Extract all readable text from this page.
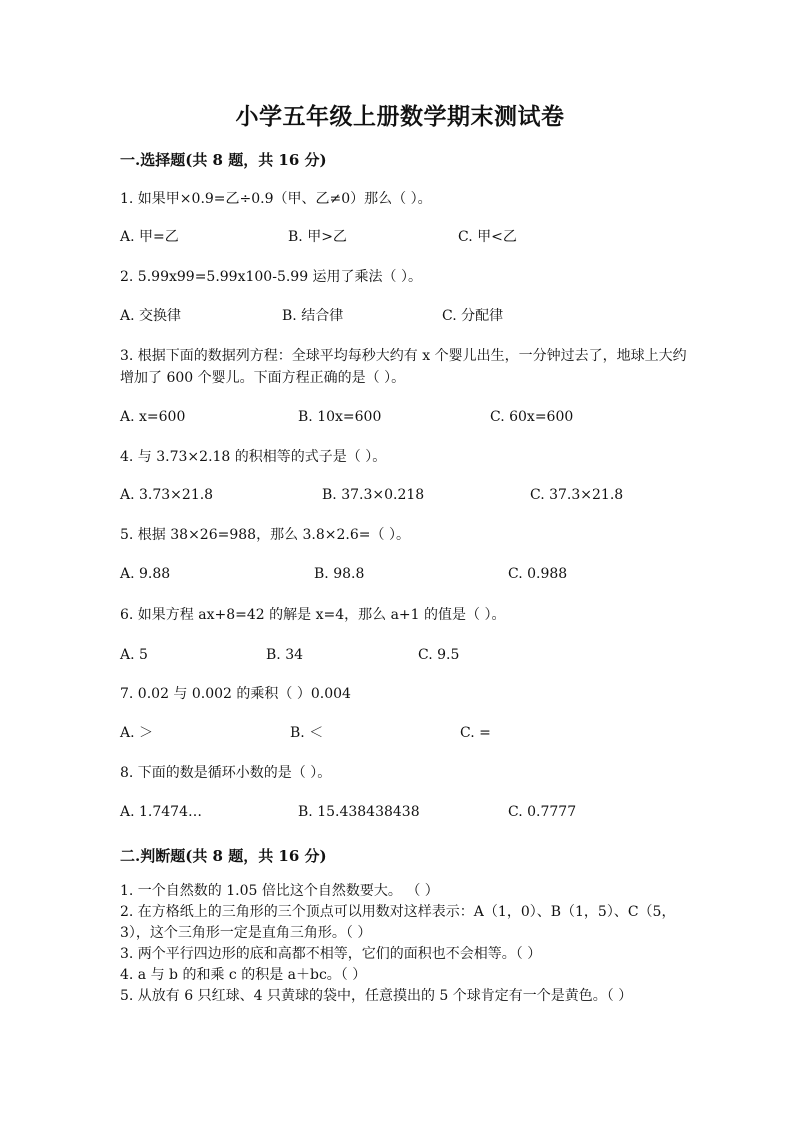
小学五年级上册数学期末测试卷
一.选择题(共 8 题，共 16 分)
1. 如果甲×0.9=乙÷0.9（甲、乙≠0）那么（ ）。
A. 甲=乙	B. 甲>乙	C. 甲<乙
2. 5.99x99=5.99x100-5.99 运用了乘法（ ）。
A. 交换律	B. 结合律	C. 分配律
3. 根据下面的数据列方程：全球平均每秒大约有 x 个婴儿出生，一分钟过去了，地球上大约增加了 600 个婴儿。下面方程正确的是（ ）。
A. x=600	B. 10x=600	C. 60x=600
4. 与 3.73×2.18 的积相等的式子是（ ）。
A. 3.73×21.8	B. 37.3×0.218	C. 37.3×21.8
5. 根据 38×26=988，那么 3.8×2.6=（ ）。
A. 9.88	B. 98.8	C. 0.988
6. 如果方程 ax+8=42 的解是 x=4，那么 a+1 的值是（ ）。
A. 5	B. 34	C. 9.5
7. 0.02 与 0.002 的乘积（ ）0.004
A. ＞	B. ＜	C. =
8. 下面的数是循环小数的是（ ）。
A. 1.7474…	B. 15.438438438	C. 0.7777
二.判断题(共 8 题，共 16 分)
1. 一个自然数的 1.05 倍比这个自然数要大。 （ ）
2. 在方格纸上的三角形的三个顶点可以用数对这样表示：A（1，0）、B（1，5）、C（5，3），这个三角形一定是直角三角形。（ ）
3. 两个平行四边形的底和高都不相等，它们的面积也不会相等。（ ）
4. a 与 b 的和乘 c 的积是 a＋bc。（ ）
5. 从放有 6 只红球、4 只黄球的袋中，任意摸出的 5 个球肯定有一个是黄色。（ ）
